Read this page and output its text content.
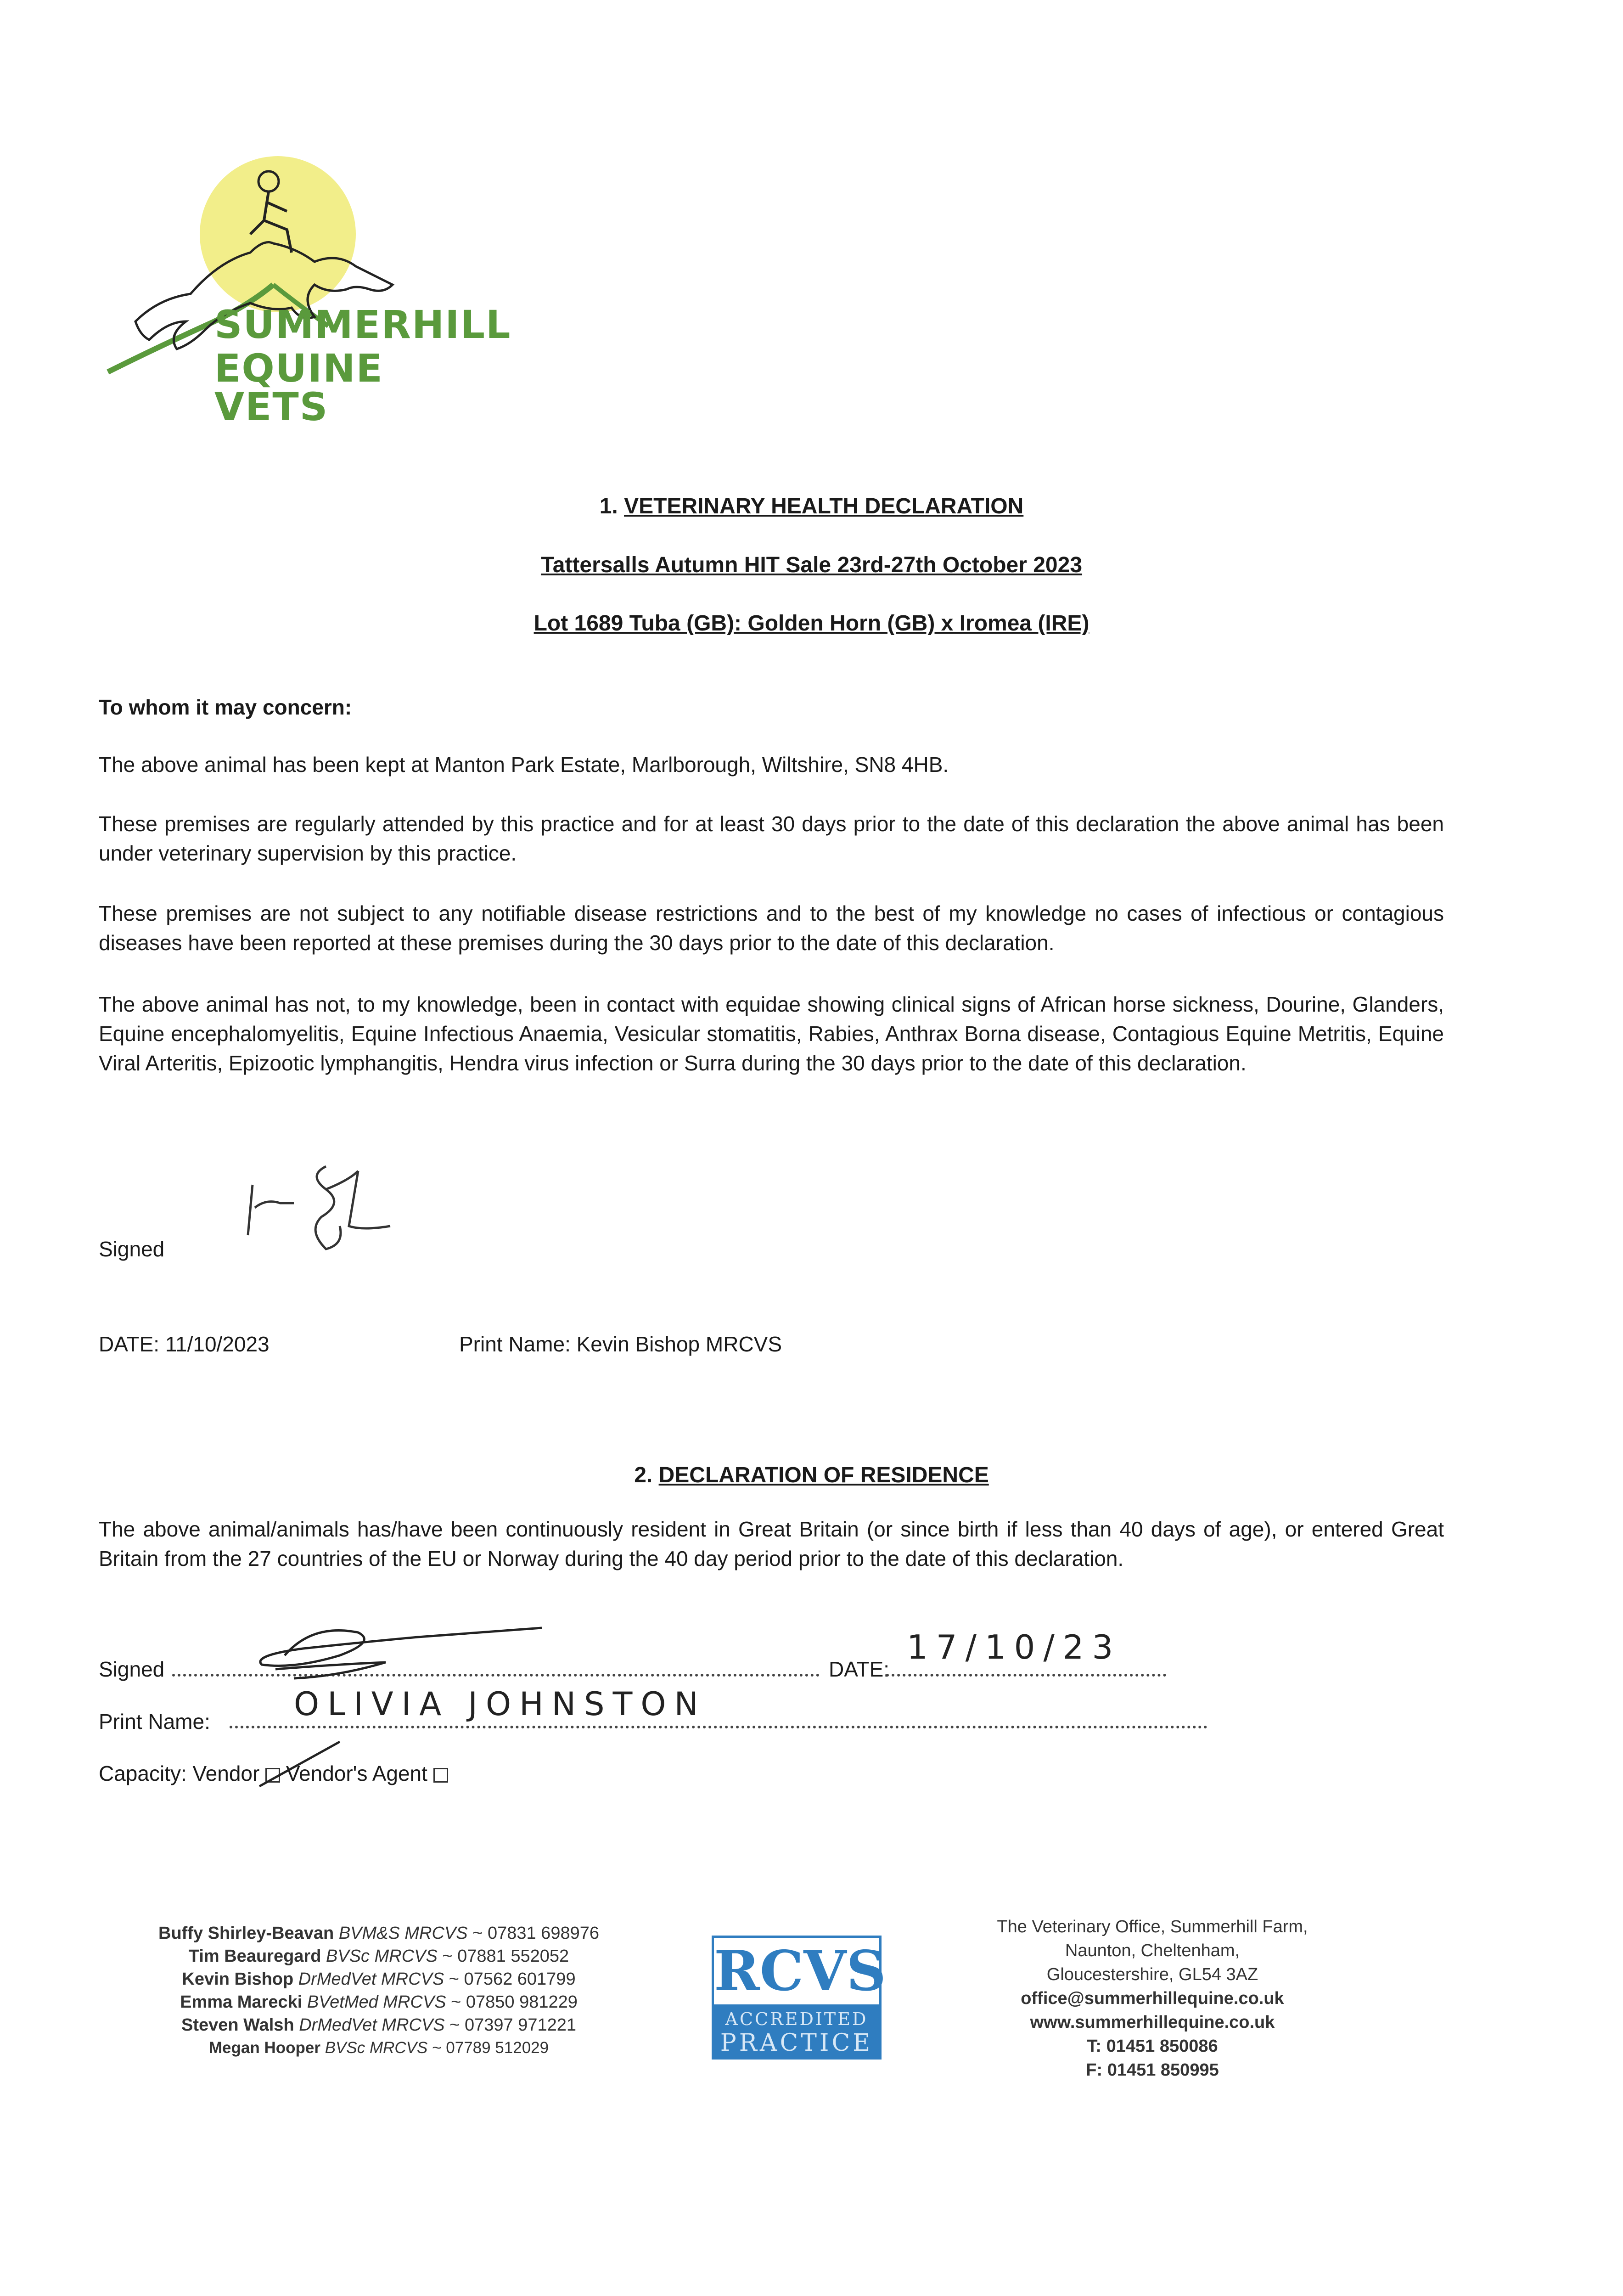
SUMMERHILL
EQUINE VETS
1. VETERINARY HEALTH DECLARATION
Tattersalls Autumn HIT Sale 23rd-27th October 2023
Lot 1689 Tuba (GB): Golden Horn (GB) x Iromea (IRE)
To whom it may concern:
The above animal has been kept at Manton Park Estate, Marlborough, Wiltshire, SN8 4HB.
These premises are regularly attended by this practice and for at least 30 days prior to the date of this declaration the above animal has been under veterinary supervision by this practice.
These premises are not subject to any notifiable disease restrictions and to the best of my knowledge no cases of infectious or contagious diseases have been reported at these premises during the 30 days prior to the date of this declaration.
The above animal has not, to my knowledge, been in contact with equidae showing clinical signs of African horse sickness, Dourine, Glanders, Equine encephalomyelitis, Equine Infectious Anaemia, Vesicular stomatitis, Rabies, Anthrax Borna disease, Contagious Equine Metritis, Equine Viral Arteritis, Epizootic lymphangitis, Hendra virus infection or Surra during the 30 days prior to the date of this declaration.
Signed
DATE: 11/10/2023	Print Name: Kevin Bishop MRCVS
2. DECLARATION OF RESIDENCE
The above animal/animals has/have been continuously resident in Great Britain (or since birth if less than 40 days of age), or entered Great Britain from the 27 countries of the EU or Norway during the 40 day period prior to the date of this declaration.
Signed	DATE:
17/10/23
Print Name:	OLIVIA JOHNSTON
Capacity: Vendor Vendor's Agent
Buffy Shirley-Beavan BVM&S MRCVS ~ 07831 698976
Tim Beauregard BVSc MRCVS ~ 07881 552052
Kevin Bishop DrMedVet MRCVS ~ 07562 601799
Emma Marecki BVetMed MRCVS ~ 07850 981229
Steven Walsh DrMedVet MRCVS ~ 07397 971221
Megan Hooper BVSc MRCVS ~ 07789 512029
RCVS
ACCREDITED
PRACTICE
The Veterinary Office, Summerhill Farm,
Naunton, Cheltenham,
Gloucestershire, GL54 3AZ
office@summerhillequine.co.uk
www.summerhillequine.co.uk
T: 01451 850086
F: 01451 850995
